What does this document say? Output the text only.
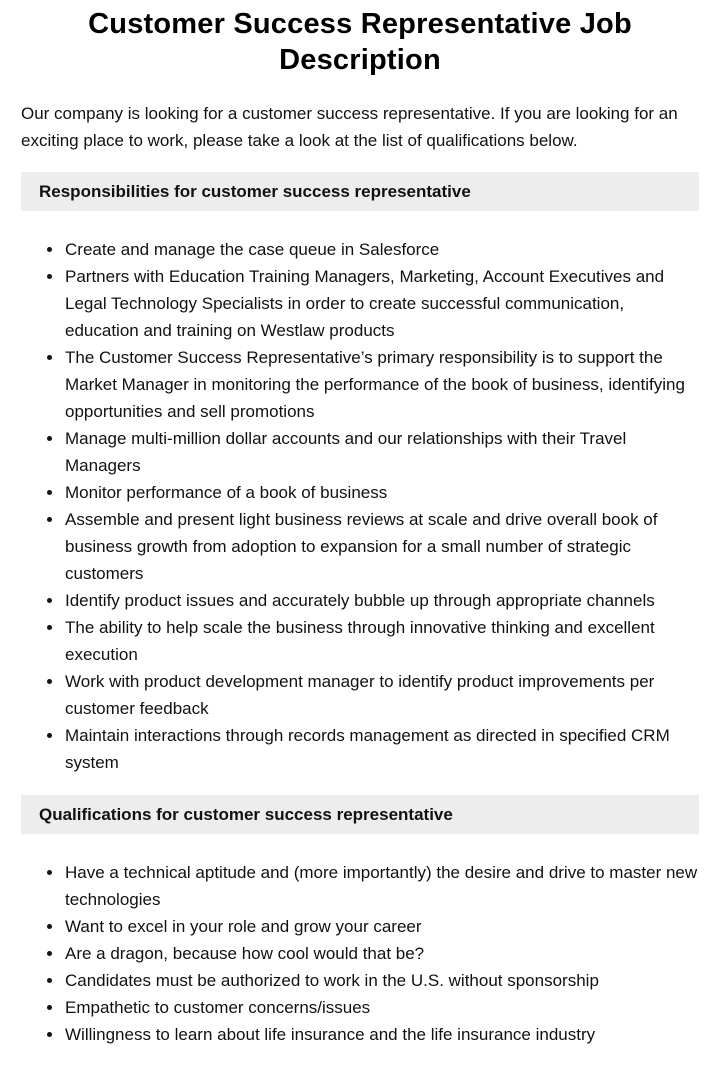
Customer Success Representative Job Description

Our company is looking for a customer success representative. If you are looking for an exciting place to work, please take a look at the list of qualifications below.

Responsibilities for customer success representative
• Create and manage the case queue in Salesforce
• Partners with Education Training Managers, Marketing, Account Executives and Legal Technology Specialists in order to create successful communication, education and training on Westlaw products
• The Customer Success Representative’s primary responsibility is to support the Market Manager in monitoring the performance of the book of business, identifying opportunities and sell promotions
• Manage multi-million dollar accounts and our relationships with their Travel Managers
• Monitor performance of a book of business
• Assemble and present light business reviews at scale and drive overall book of business growth from adoption to expansion for a small number of strategic customers
• Identify product issues and accurately bubble up through appropriate channels
• The ability to help scale the business through innovative thinking and excellent execution
• Work with product development manager to identify product improvements per customer feedback
• Maintain interactions through records management as directed in specified CRM system
Qualifications for customer success representative
• Have a technical aptitude and (more importantly) the desire and drive to master new technologies
• Want to excel in your role and grow your career
• Are a dragon, because how cool would that be?
• Candidates must be authorized to work in the U.S. without sponsorship
• Empathetic to customer concerns/issues
• Willingness to learn about life insurance and the life insurance industry
